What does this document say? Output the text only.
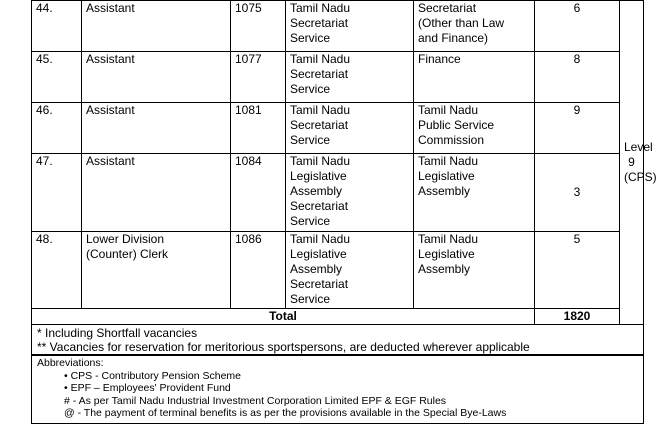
44.	Assistant	1075	Tamil Nadu
Secretariat
Service	Secretariat
(Other than Law
and Finance)	6	Level 9
(CPS)
45.	Assistant	1077	Tamil Nadu
Secretariat
Service	Finance	8	
46.	Assistant	1081	Tamil Nadu
Secretariat
Service	Tamil Nadu
Public Service
Commission	9	
47.	Assistant	1084	Tamil Nadu
Legislative
Assembly
Secretariat
Service	Tamil Nadu
Legislative
Assembly	3	
48.	Lower Division
(Counter) Clerk	1086	Tamil Nadu
Legislative
Assembly
Secretariat
Service	Tamil Nadu
Legislative
Assembly	5	
Total					1820	
* Including Shortfall vacancies
** Vacancies for reservation for meritorious sportspersons, are deducted wherever applicable
Abbreviations:
• CPS - Contributory Pension Scheme
• EPF – Employees' Provident Fund
# - As per Tamil Nadu Industrial Investment Corporation Limited EPF & EGF Rules
@ - The payment of terminal benefits is as per the provisions available in the Special Bye-Laws
